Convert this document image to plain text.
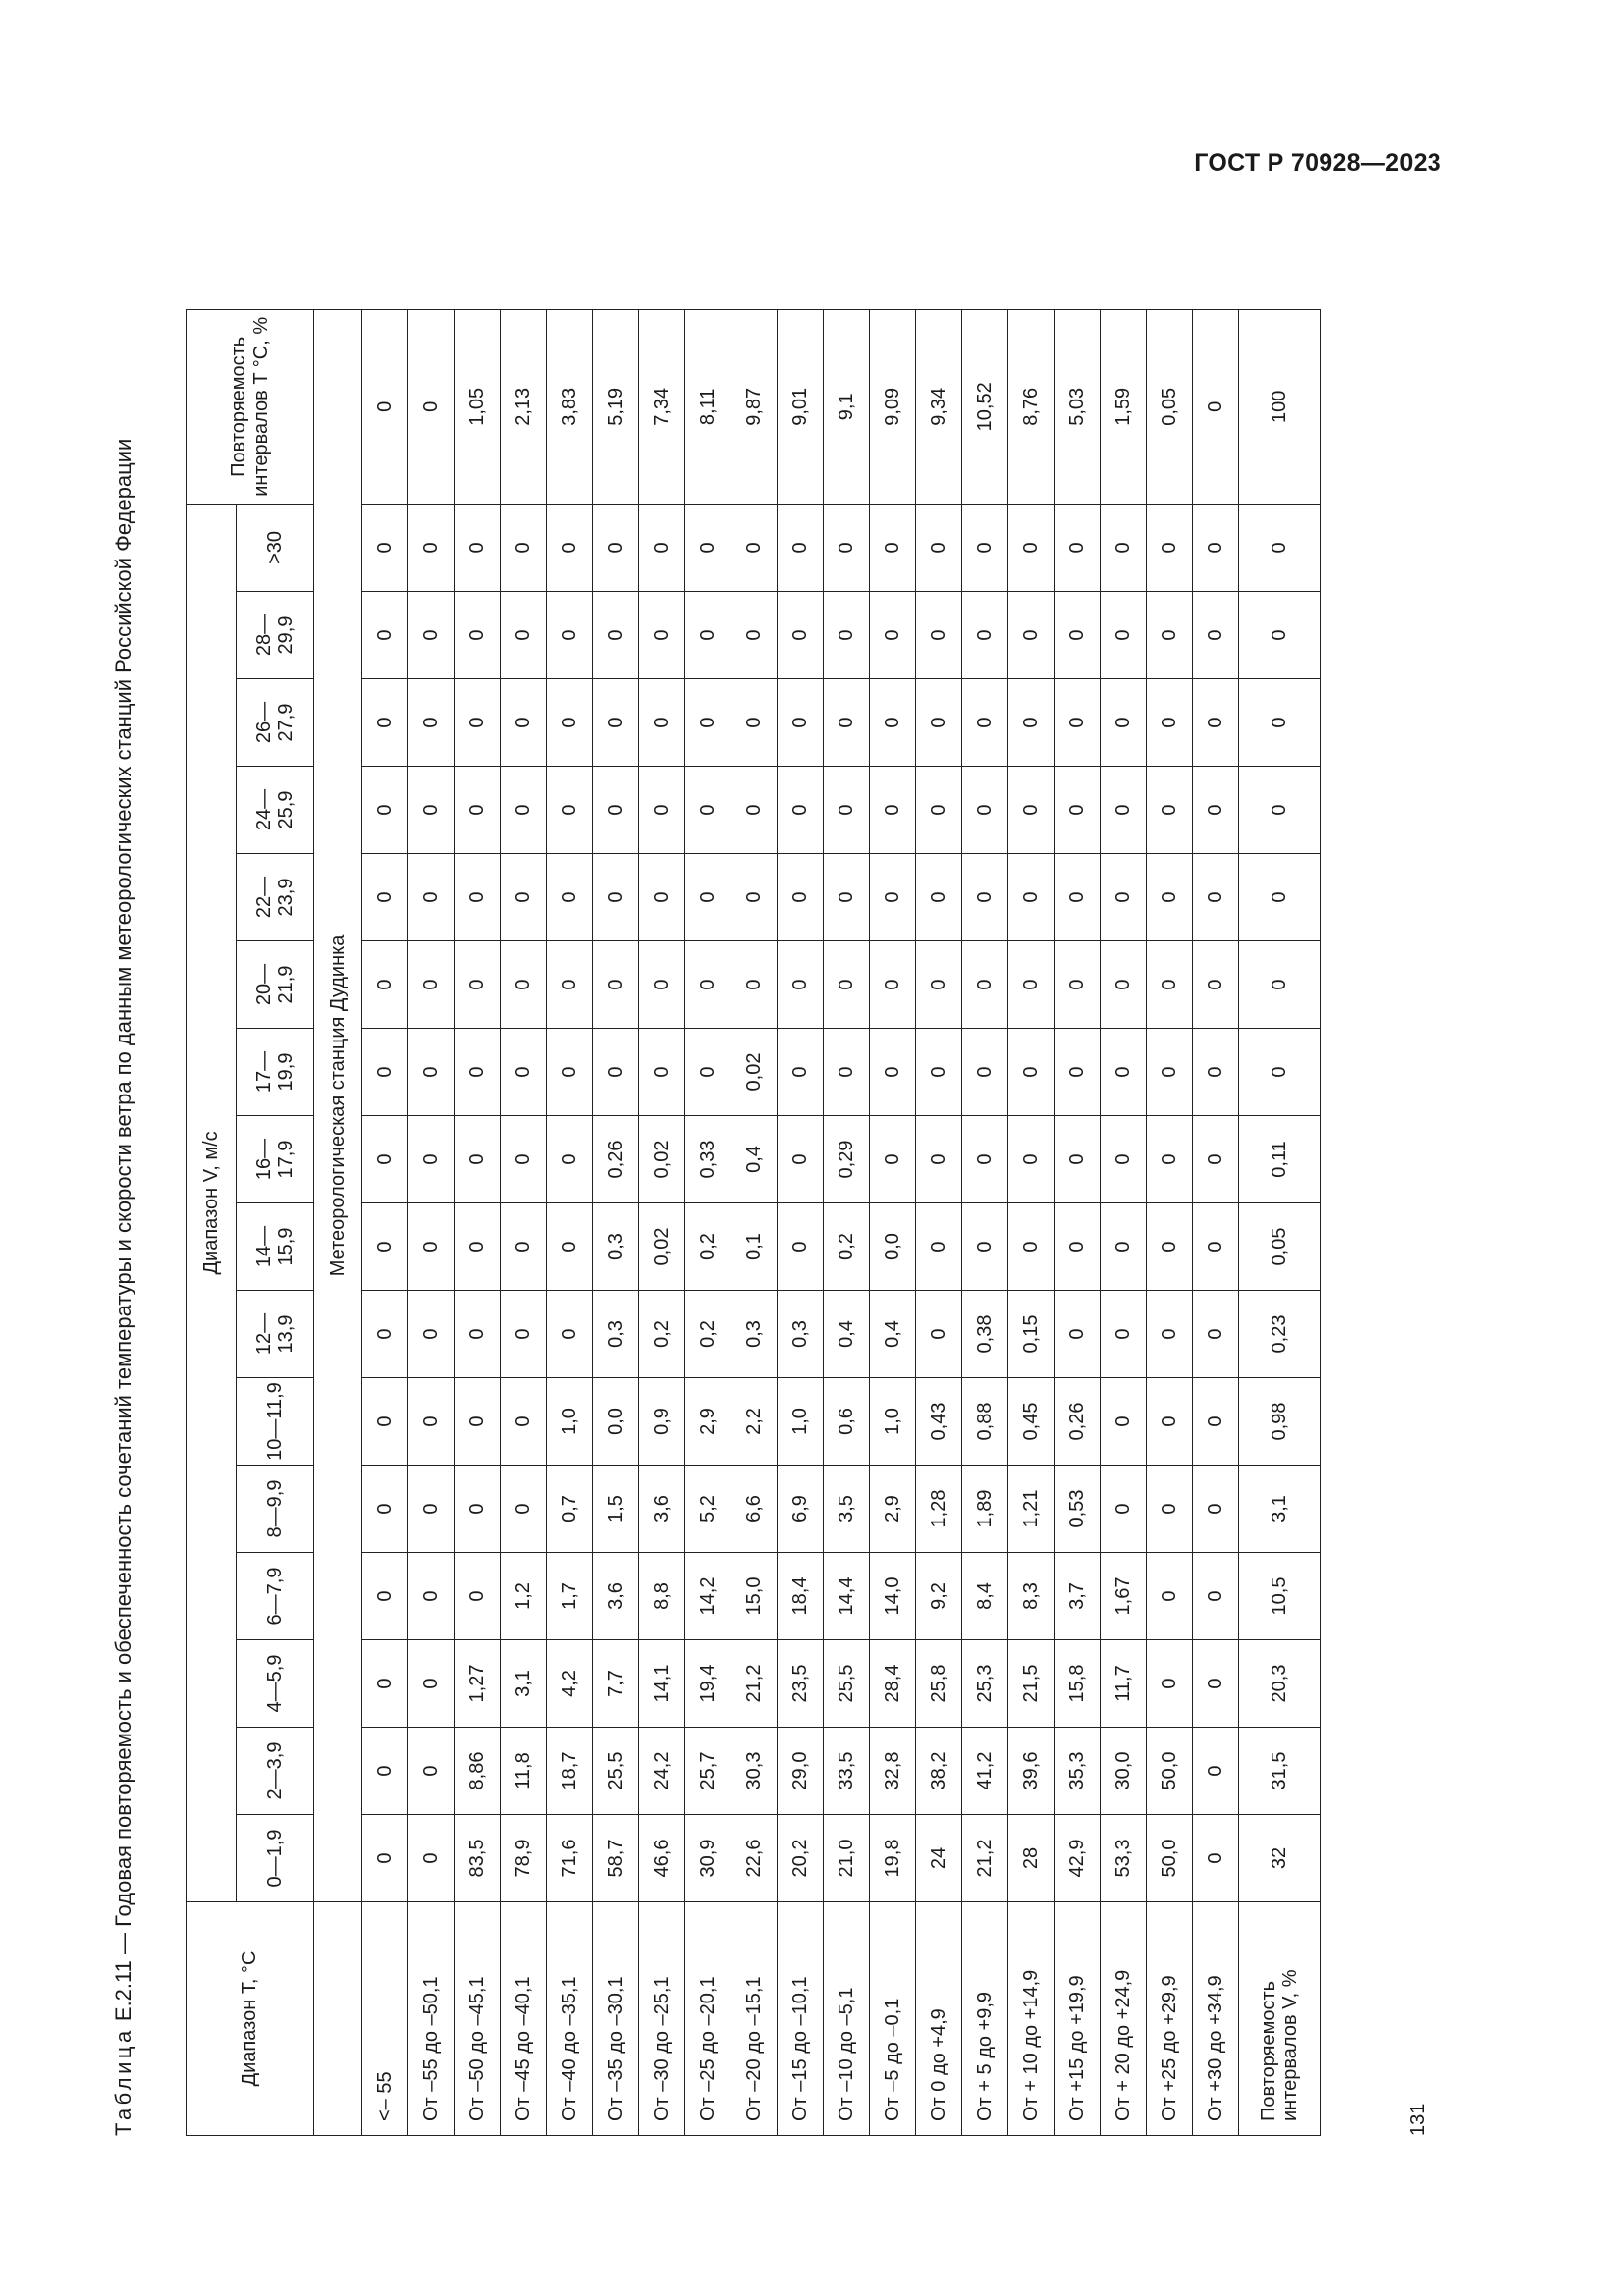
ГОСТ Р 70928—2023
Таблица Е.2.11 — Годовая повторяемость и обеспеченность сочетаний температуры и скорости ветра по данным метеорологических станций Российской Федерации
Диапазон T, °C	Диапазон V, м/с																Повторяемость интервалов T °C, %
	0—1,9	2—3,9	4—5,9	6—7,9	8—9,9	10—11,9	12—13,9	14—15,9	16—17,9	17—19,9	20—21,9	22—23,9	24—25,9	26—27,9	28—29,9	>30	
	Метеорологическая станция Дудинка																
<– 55	0	0	0	0	0	0	0	0	0	0	0	0	0	0	0	0	0
От –55 до –50,1	0	0	0	0	0	0	0	0	0	0	0	0	0	0	0	0	0
От –50 до –45,1	83,5	8,86	1,27	0	0	0	0	0	0	0	0	0	0	0	0	0	1,05
От –45 до –40,1	78,9	11,8	3,1	1,2	0	0	0	0	0	0	0	0	0	0	0	0	2,13
От –40 до –35,1	71,6	18,7	4,2	1,7	0,7	1,0	0	0	0	0	0	0	0	0	0	0	3,83
От –35 до –30,1	58,7	25,5	7,7	3,6	1,5	0,0	0,3	0,3	0,26	0	0	0	0	0	0	0	5,19
От –30 до –25,1	46,6	24,2	14,1	8,8	3,6	0,9	0,2	0,02	0,02	0	0	0	0	0	0	0	7,34
От –25 до –20,1	30,9	25,7	19,4	14,2	5,2	2,9	0,2	0,2	0,33	0	0	0	0	0	0	0	8,11
От –20 до –15,1	22,6	30,3	21,2	15,0	6,6	2,2	0,3	0,1	0,4	0,02	0	0	0	0	0	0	9,87
От –15 до –10,1	20,2	29,0	23,5	18,4	6,9	1,0	0,3	0	0	0	0	0	0	0	0	0	9,01
От –10 до –5,1	21,0	33,5	25,5	14,4	3,5	0,6	0,4	0,2	0,29	0	0	0	0	0	0	0	9,1
От –5 до –0,1	19,8	32,8	28,4	14,0	2,9	1,0	0,4	0,0	0	0	0	0	0	0	0	0	9,09
От 0 до +4,9	24	38,2	25,8	9,2	1,28	0,43	0	0	0	0	0	0	0	0	0	0	9,34
От + 5 до +9,9	21,2	41,2	25,3	8,4	1,89	0,88	0,38	0	0	0	0	0	0	0	0	0	10,52
От + 10 до +14,9	28	39,6	21,5	8,3	1,21	0,45	0,15	0	0	0	0	0	0	0	0	0	8,76
От +15 до +19,9	42,9	35,3	15,8	3,7	0,53	0,26	0	0	0	0	0	0	0	0	0	0	5,03
От + 20 до +24,9	53,3	30,0	11,7	1,67	0	0	0	0	0	0	0	0	0	0	0	0	1,59
От +25 до +29,9	50,0	50,0	0	0	0	0	0	0	0	0	0	0	0	0	0	0	0,05
От +30 до +34,9	0	0	0	0	0	0	0	0	0	0	0	0	0	0	0	0	0
Повторяемость интервалов V, %	32	31,5	20,3	10,5	3,1	0,98	0,23	0,05	0,11	0	0	0	0	0	0	0	100
131
